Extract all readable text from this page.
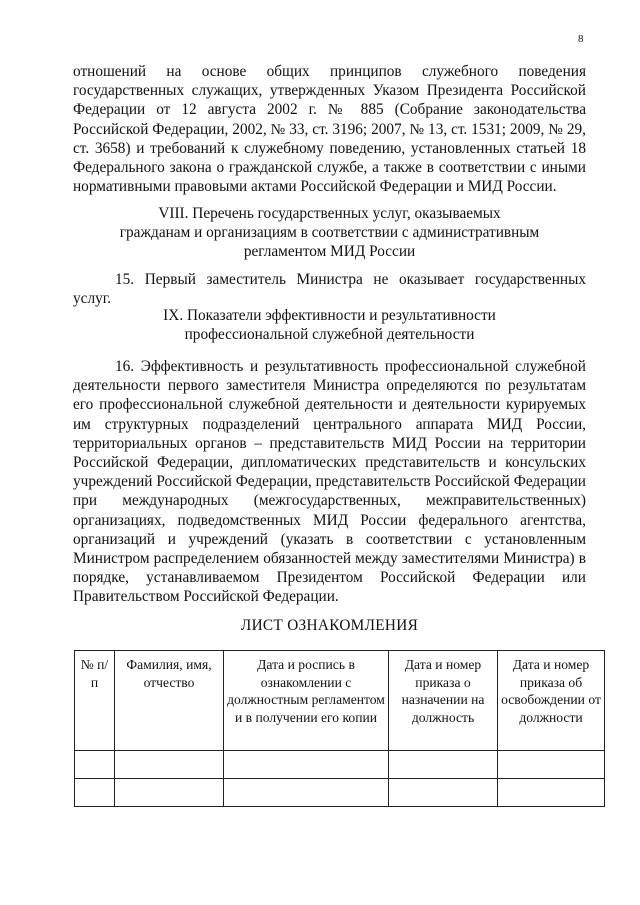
8

отношений на основе общих принципов служебного поведения государственных служащих, утвержденных Указом Президента Российской Федерации от 12 августа 2002 г. № 885 (Собрание законодательства Российской Федерации, 2002, № 33, ст. 3196; 2007, № 13, ст. 1531; 2009, № 29, ст. 3658) и требований к служебному поведению, установленных статьей 18 Федерального закона о гражданской службе, а также в соответствии с иными нормативными правовыми актами Российской Федерации и МИД России.

VIII. Перечень государственных услуг, оказываемых
гражданам и организациям в соответствии с административным
регламентом МИД России

15. Первый заместитель Министра не оказывает государственных услуг.

IX. Показатели эффективности и результативности
профессиональной служебной деятельности

16. Эффективность и результативность профессиональной служебной деятельности первого заместителя Министра определяются по результатам его профессиональной служебной деятельности и деятельности курируемых им структурных подразделений центрального аппарата МИД России, территориальных органов – представительств МИД России на территории Российской Федерации, дипломатических представительств и консульских учреждений Российской Федерации, представительств Российской Федерации при международных (межгосударственных, межправительственных) организациях, подведомственных МИД России федерального агентства, организаций и учреждений (указать в соответствии с установленным Министром распределением обязанностей между заместителями Министра) в порядке, устанавливаемом Президентом Российской Федерации или Правительством Российской Федерации.

ЛИСТ ОЗНАКОМЛЕНИЯ
№ п/п	Фамилия, имя, отчество	Дата и роспись в ознакомлении с должностным регламентом и в получении его копии	Дата и номер приказа о назначении на должность	Дата и номер приказа об освобождении от должности
